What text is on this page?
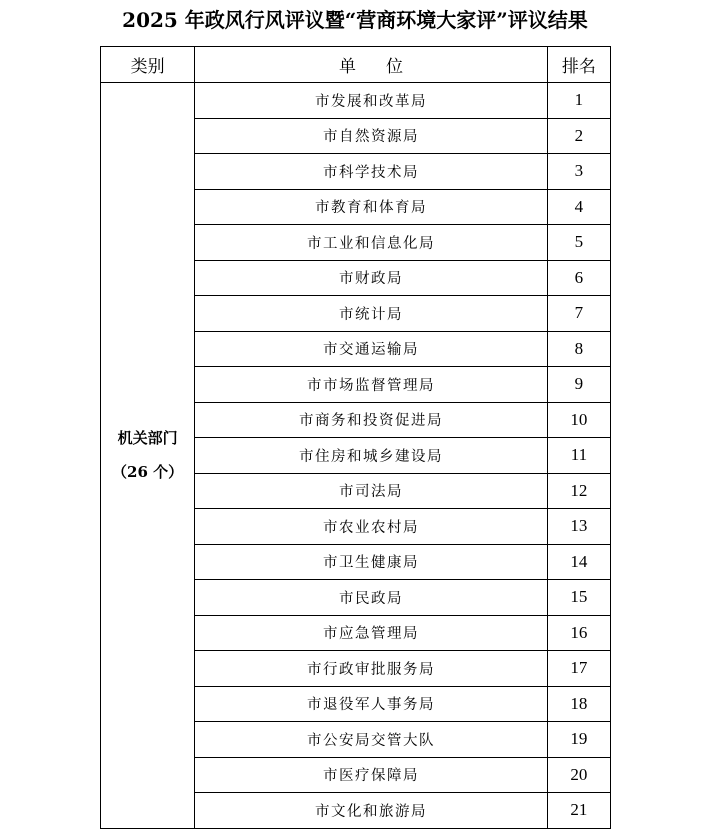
2025 年政风行风评议暨“营商环境大家评”评议结果
类别	单位	排名

机关部门
（26 个）	市发展和改革局	1
	市自然资源局	2
	市科学技术局	3
	市教育和体育局	4
	市工业和信息化局	5
	市财政局	6
	市统计局	7
	市交通运输局	8
	市市场监督管理局	9
	市商务和投资促进局	10
	市住房和城乡建设局	11
	市司法局	12
	市农业农村局	13
	市卫生健康局	14
	市民政局	15
	市应急管理局	16
	市行政审批服务局	17
	市退役军人事务局	18
	市公安局交管大队	19
	市医疗保障局	20
	市文化和旅游局	21
